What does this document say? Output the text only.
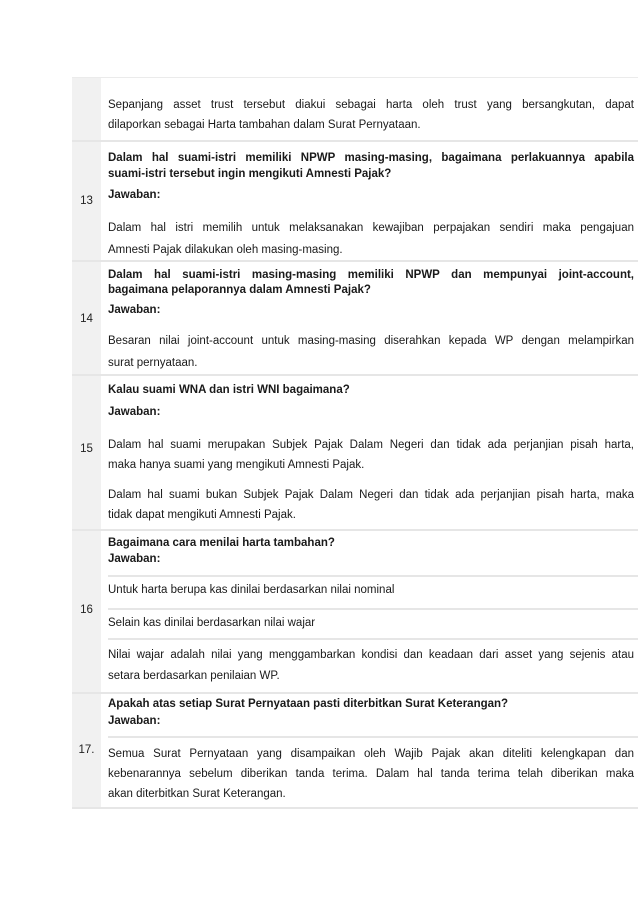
Sepanjang asset trust tersebut diakui sebagai harta oleh trust yang bersangkutan, dapat
dilaporkan sebagai Harta tambahan dalam Surat Pernyataan.
13
Dalam hal suami-istri memiliki NPWP masing-masing, bagaimana perlakuannya apabila
suami-istri tersebut ingin mengikuti Amnesti Pajak?
Jawaban:
Dalam hal istri memilih untuk melaksanakan kewajiban perpajakan sendiri maka pengajuan
Amnesti Pajak dilakukan oleh masing-masing.
14
Dalam hal suami-istri masing-masing memiliki NPWP dan mempunyai joint-account,
bagaimana pelaporannya dalam Amnesti Pajak?
Jawaban:
Besaran nilai joint-account untuk masing-masing diserahkan kepada WP dengan melampirkan
surat pernyataan.
15
Kalau suami WNA dan istri WNI bagaimana?
Jawaban:
Dalam hal suami merupakan Subjek Pajak Dalam Negeri dan tidak ada perjanjian pisah harta,
maka hanya suami yang mengikuti Amnesti Pajak.
Dalam hal suami bukan Subjek Pajak Dalam Negeri dan tidak ada perjanjian pisah harta, maka
tidak dapat mengikuti Amnesti Pajak.
16
Bagaimana cara menilai harta tambahan?
Jawaban:
Untuk harta berupa kas dinilai berdasarkan nilai nominal
Selain kas dinilai berdasarkan nilai wajar
Nilai wajar adalah nilai yang menggambarkan kondisi dan keadaan dari asset yang sejenis atau
setara berdasarkan penilaian WP.
17.
Apakah atas setiap Surat Pernyataan pasti diterbitkan Surat Keterangan?
Jawaban:
Semua Surat Pernyataan yang disampaikan oleh Wajib Pajak akan diteliti kelengkapan dan
kebenarannya sebelum diberikan tanda terima. Dalam hal tanda terima telah diberikan maka
akan diterbitkan Surat Keterangan.
